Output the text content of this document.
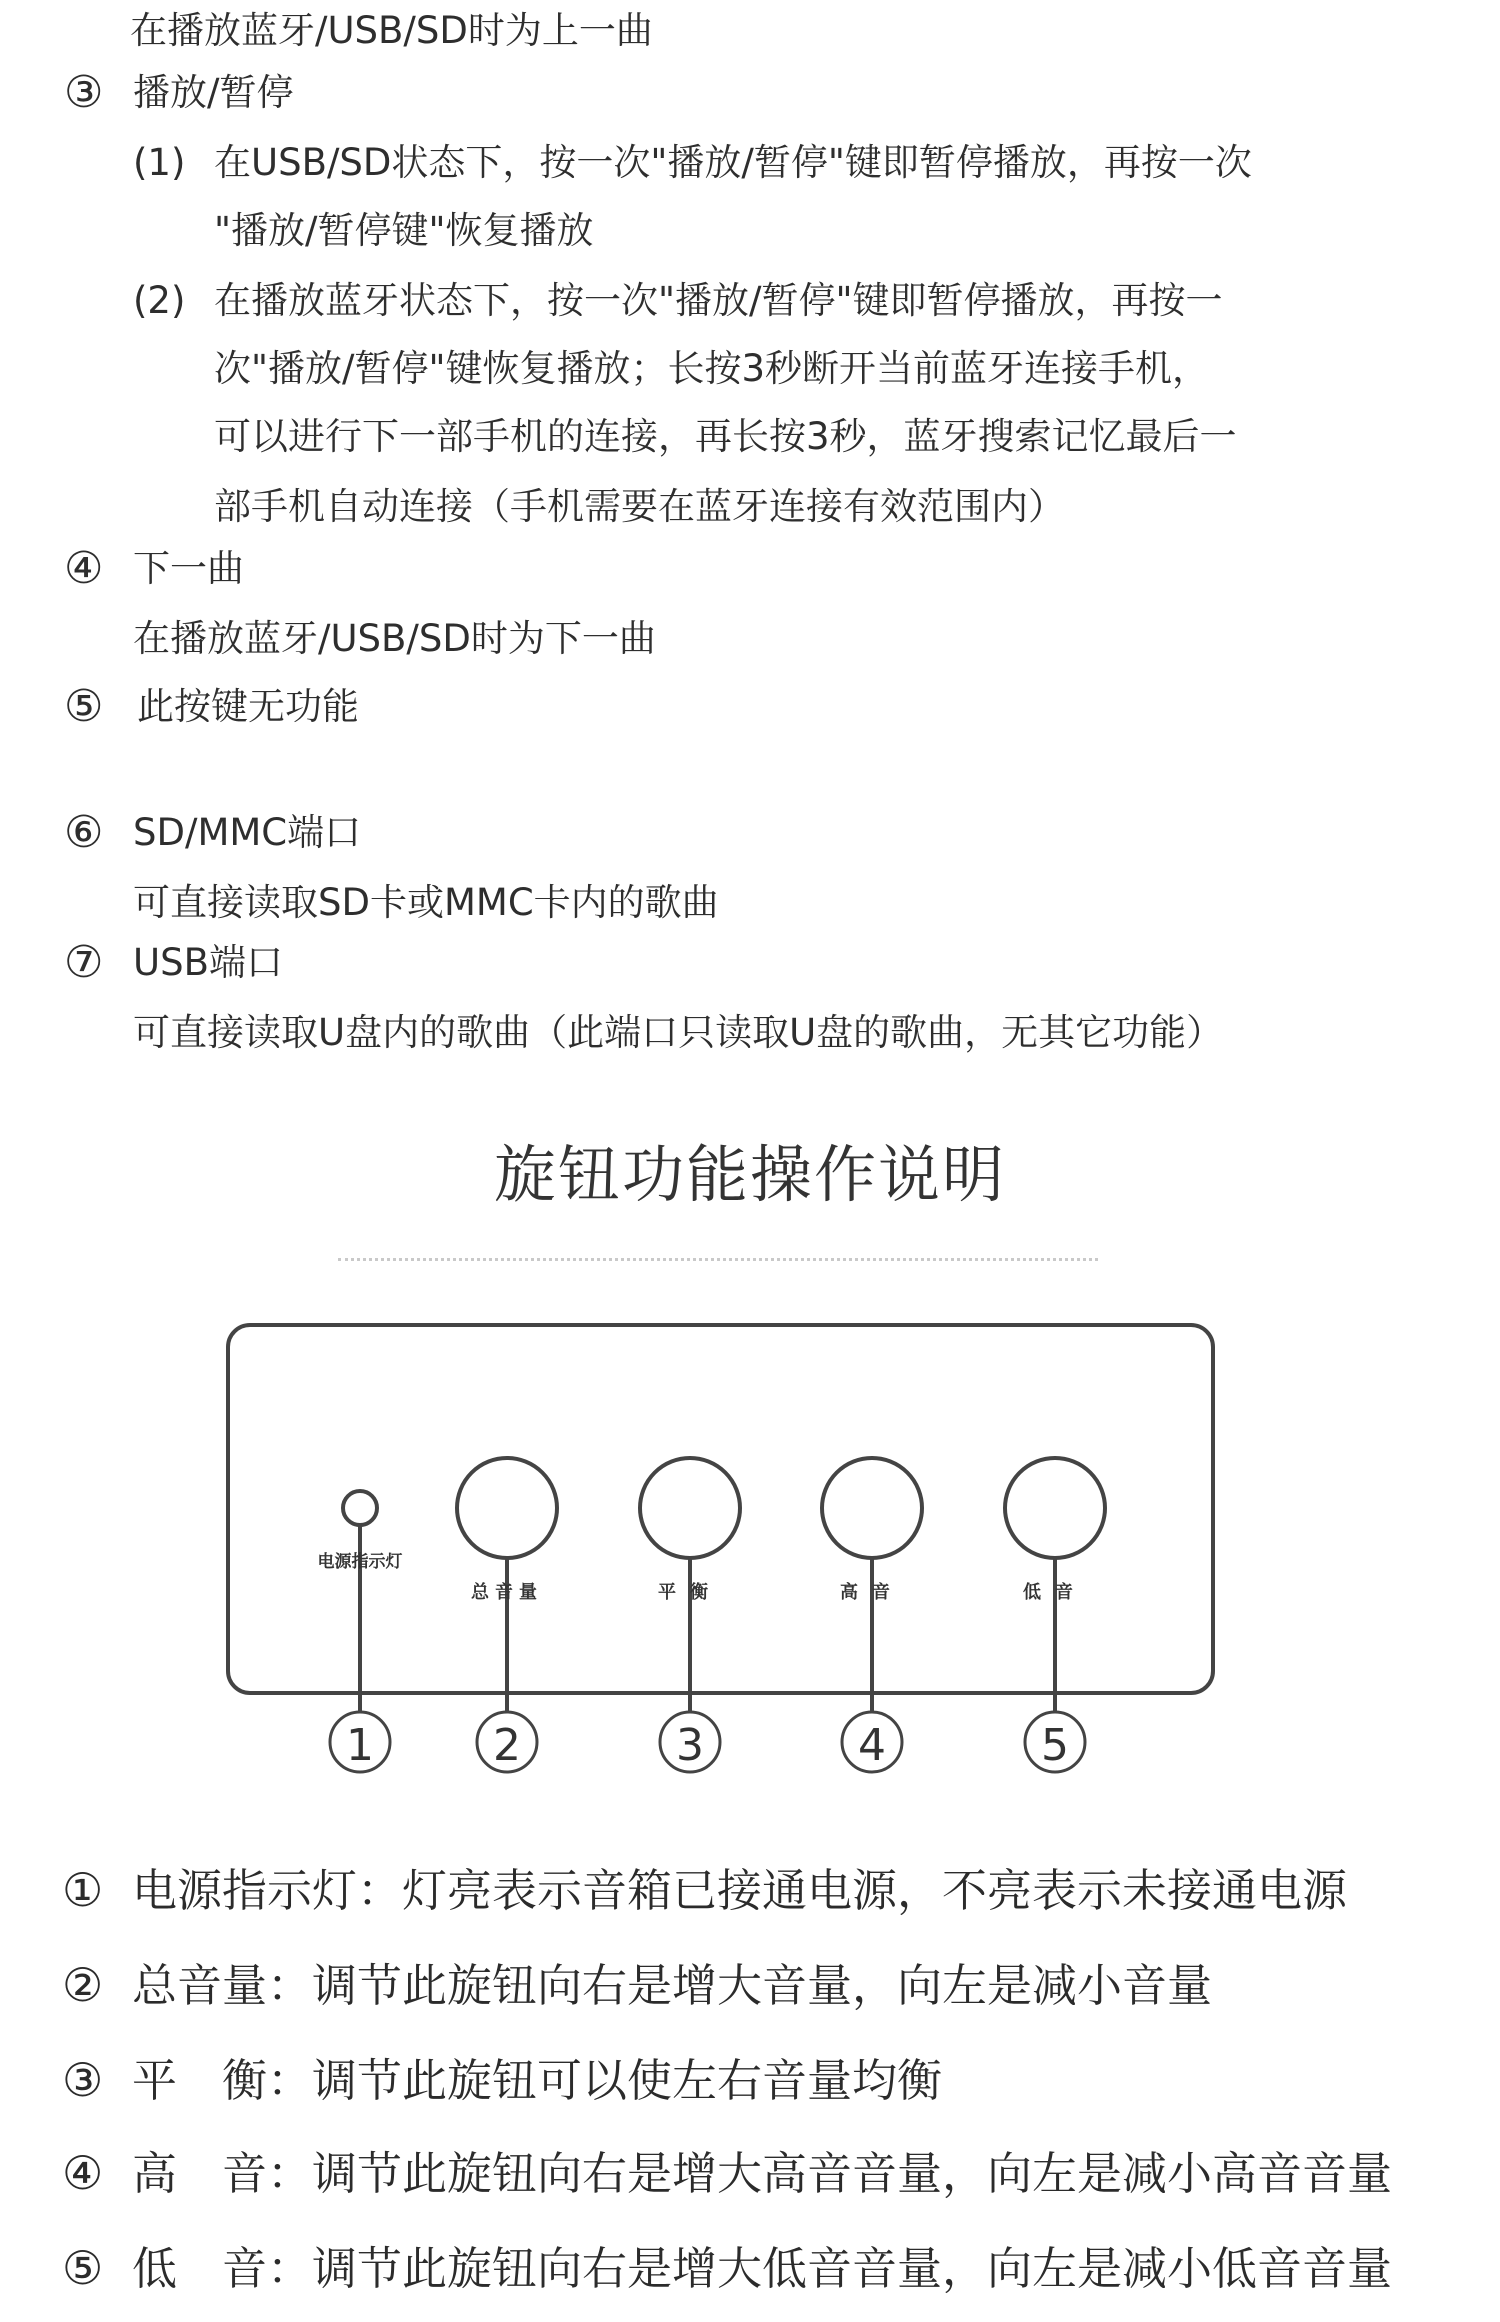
在播放蓝牙/USB/SD时为上一曲
③ 播放/暂停
(1) 在USB/SD状态下，按一次"播放/暂停"键即暂停播放，再按一次
"播放/暂停键"恢复播放
(2) 在播放蓝牙状态下，按一次"播放/暂停"键即暂停播放，再按一
次"播放/暂停"键恢复播放；长按3秒断开当前蓝牙连接手机，
可以进行下一部手机的连接，再长按3秒，蓝牙搜索记忆最后一
部手机自动连接（手机需要在蓝牙连接有效范围内）
④ 下一曲
在播放蓝牙/USB/SD时为下一曲
⑤ 此按键无功能
⑥ SD/MMC端口
可直接读取SD卡或MMC卡内的歌曲
⑦ USB端口
可直接读取U盘内的歌曲（此端口只读取U盘的歌曲，无其它功能）
旋钮功能操作说明
电源指示灯
总音量	平衡	高音	低音
1	2	3	4	5
① 电源指示灯：灯亮表示音箱已接通电源，不亮表示未接通电源
② 总音量：调节此旋钮向右是增大音量，向左是减小音量
③ 平　衡：调节此旋钮可以使左右音量均衡
④ 高　音：调节此旋钮向右是增大高音音量，向左是减小高音音量
⑤ 低　音：调节此旋钮向右是增大低音音量，向左是减小低音音量
